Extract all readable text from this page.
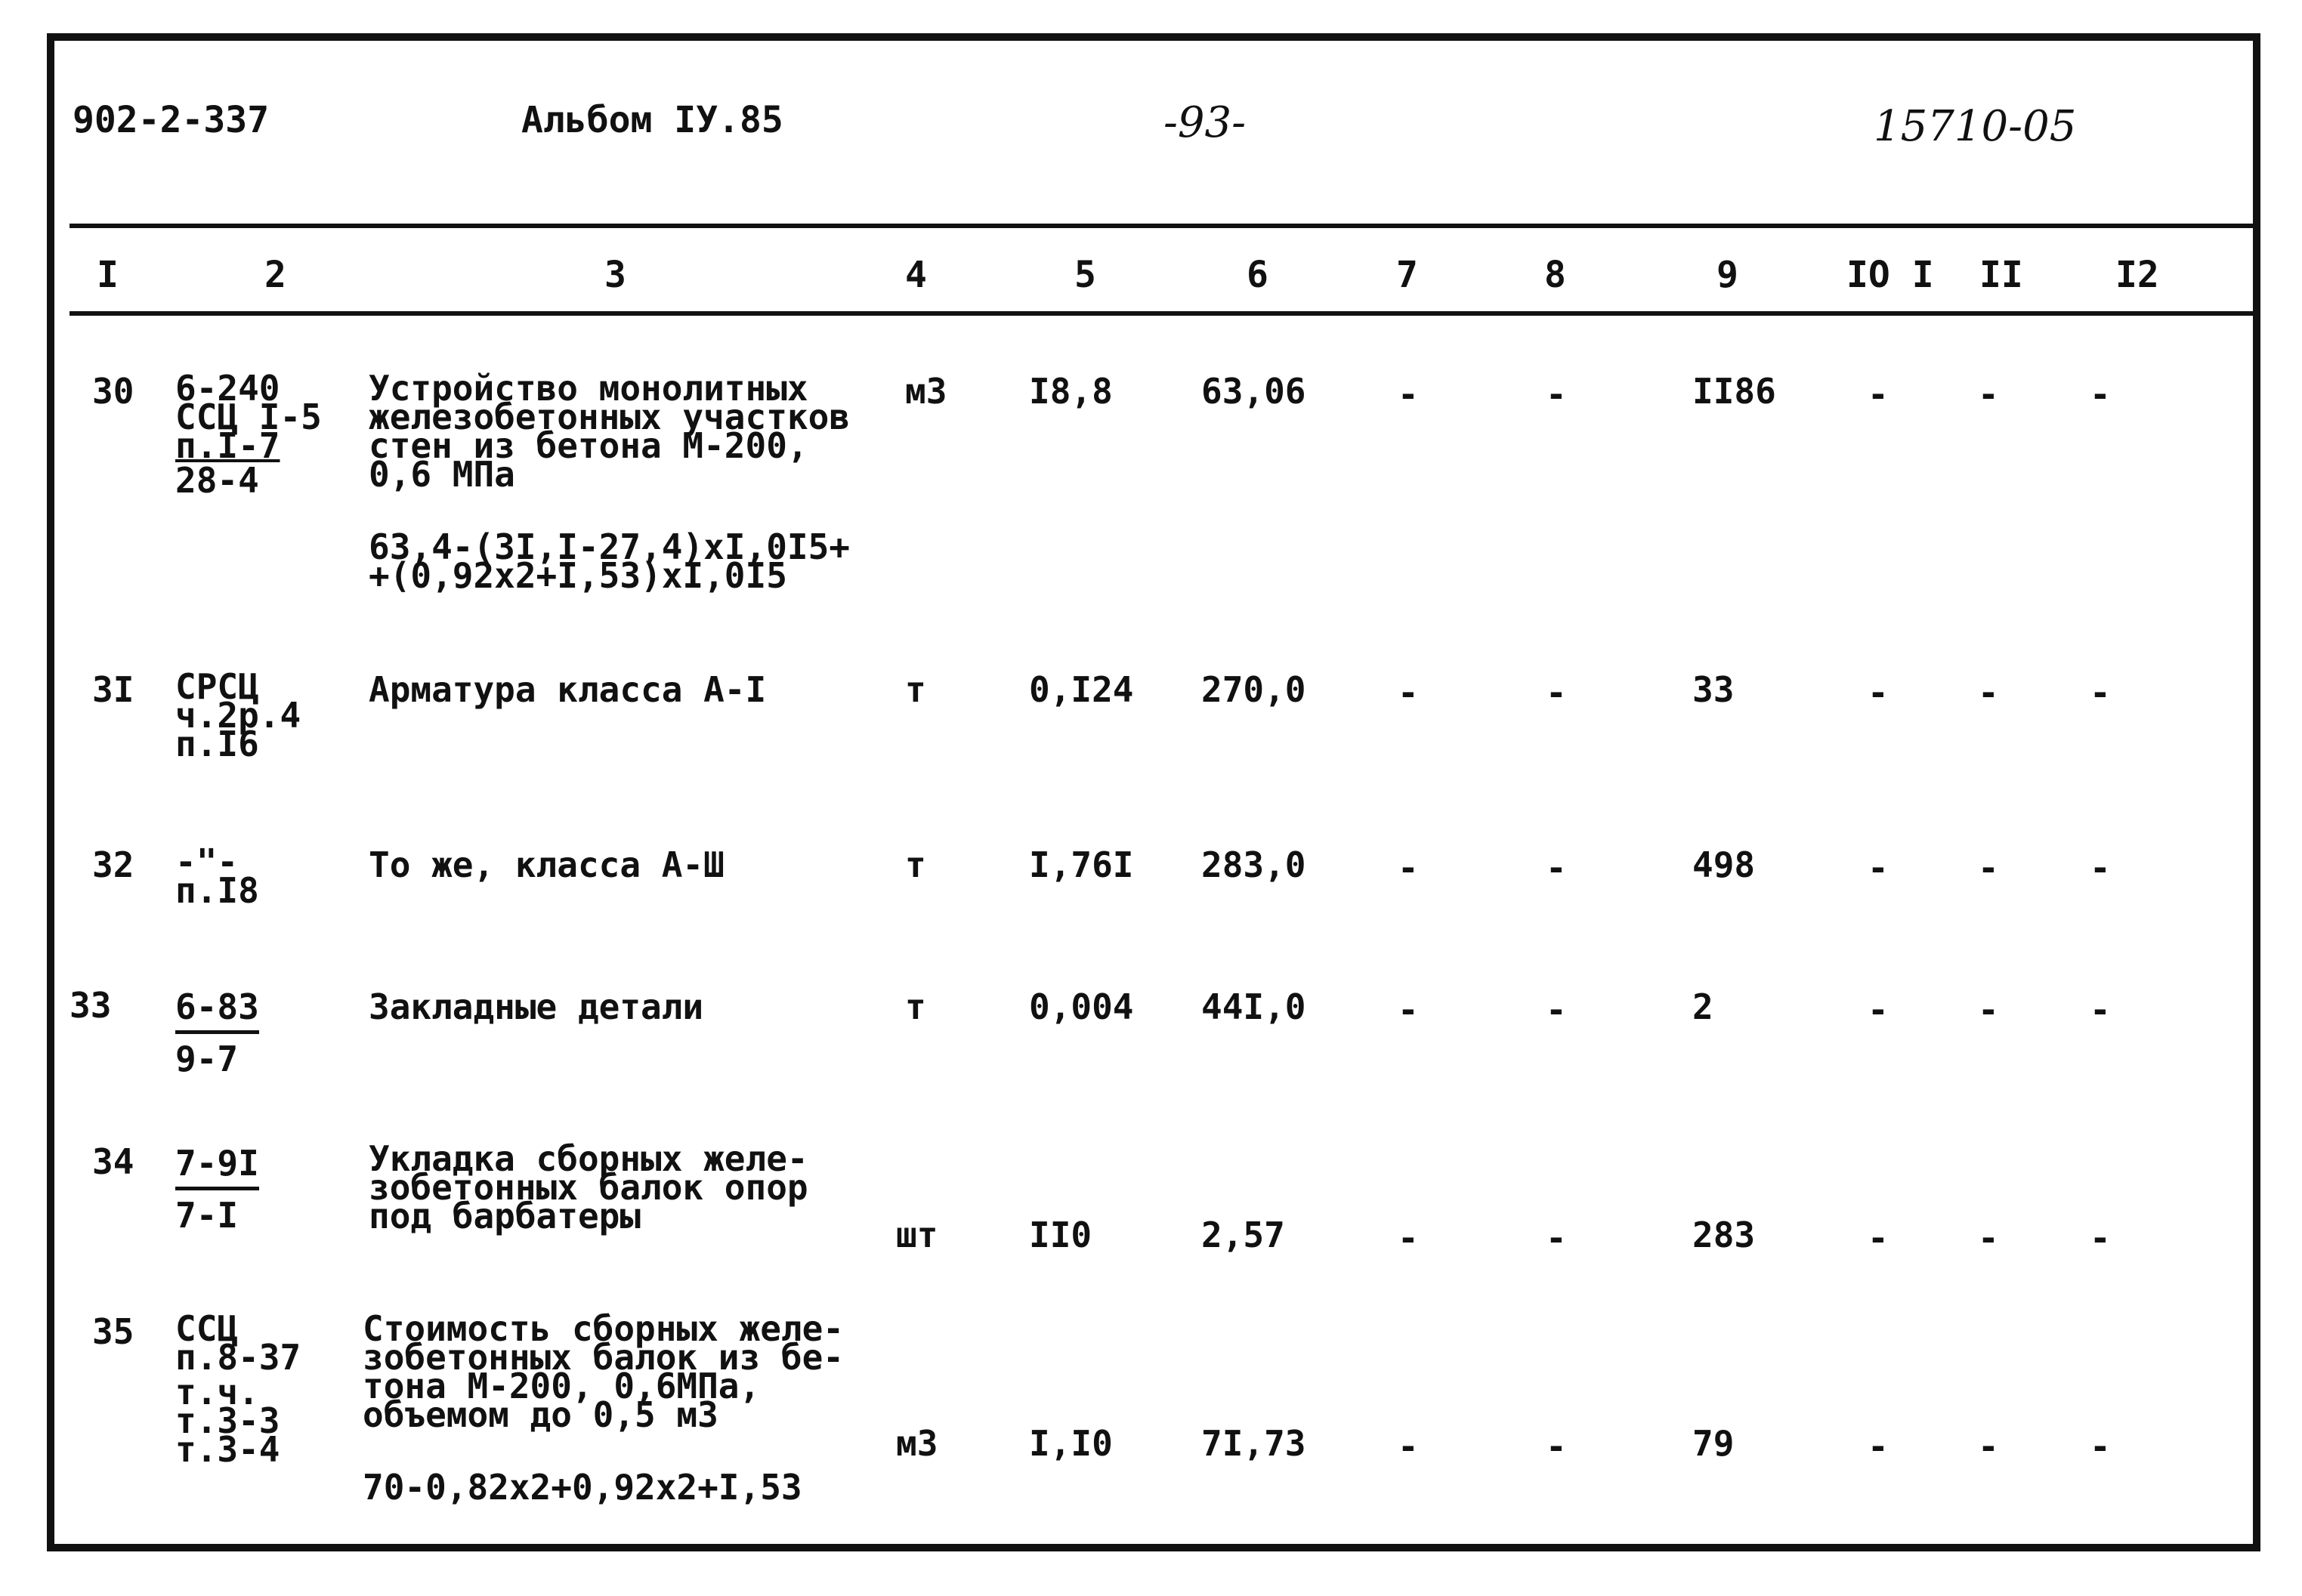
902-2-337	Альбом IУ.85	-93-	15710-05
I	2	3	4	5	6	7	8	9	IO I II	I2
30 6-240
ССЦ I-5
п.I-7
28-4
Устройство монолитных
железобетонных участков
стен из бетона М-200,
0,6 МПа
63,4-(3I,I-27,4)xI,0I5+
+(0,92x2+I,53)xI,0I5
м3 I8,8	63,06	-	-	II86	-	-	-
3I СРСЦ
ч.2р.4
п.I6
Арматура класса А-I	т	0,I24 270,0	-	-	33	-	-	-
32 -"-
п.I8
То же, класса А-Ш	т	I,76I 283,0	-	-	498	-	-	-
33 6-83
9-7
Закладные детали	т	0,004 44I,0	-	-	2	-	-	-
34 7-9I
7-I
Укладка сборных желе-
зобетонных балок опор
под барбатеры	шт	II0	2,57	-	-	283	-	-	-
35 ССЦ
п.8-37
т.ч.
т.3-3
т.3-4
Стоимость сборных желе-
зобетонных балок из бе-
тона М-200, 0,6МПа,
объемом до 0,5 м3
70-0,82x2+0,92x2+I,53
м3	I,I0	7I,73	-	-	79	-	-	-
